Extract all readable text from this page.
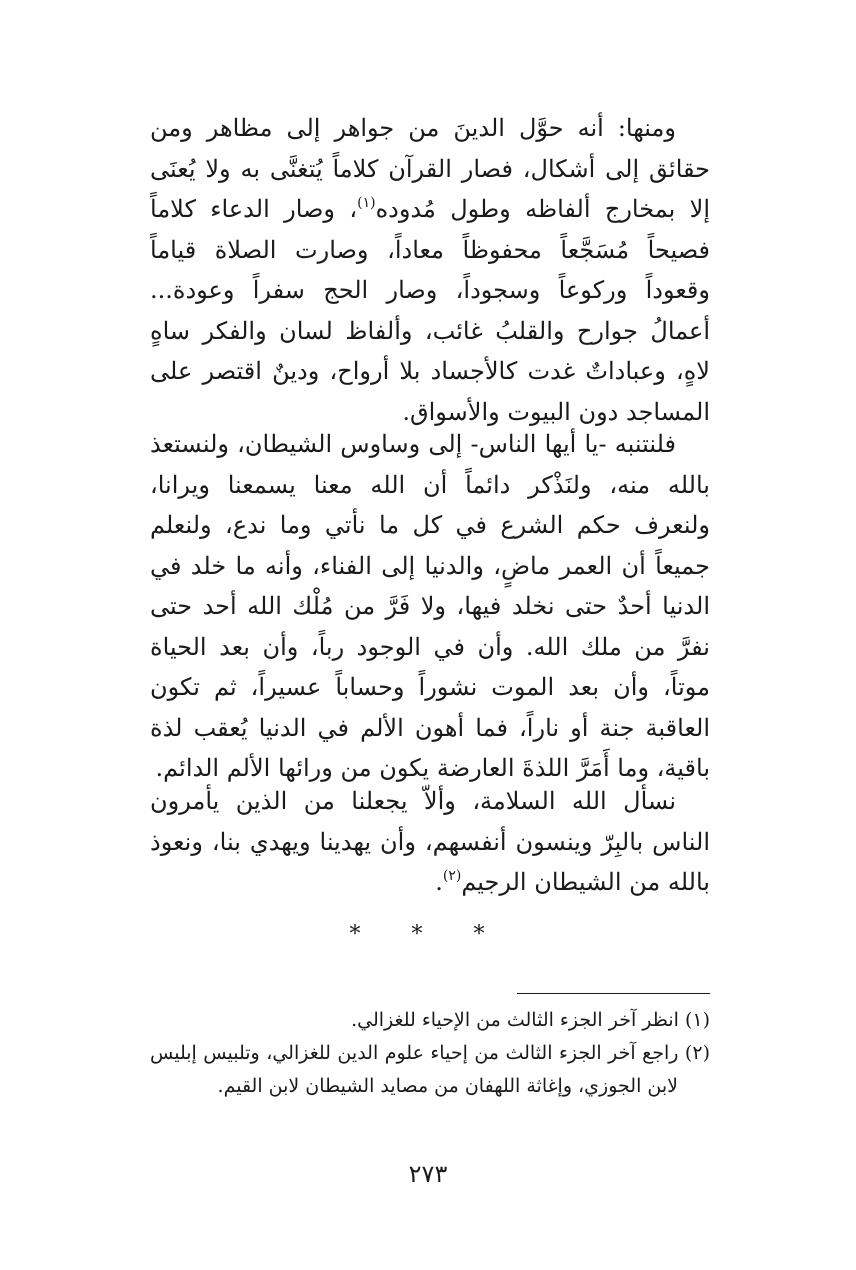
ومنها: أنه حوَّل الدينَ من جواهر إلى مظاهر ومن حقائق إلى أشكال، فصار القرآن كلاماً يُتغنَّى به ولا يُعنَى إلا بمخارج ألفاظه وطول مُدوده$^{(١)}$، وصار الدعاء كلاماً فصيحاً مُسَجَّعاً محفوظاً معاداً، وصارت الصلاة قياماً وقعوداً وركوعاً وسجوداً، وصار الحج سفراً وعودة... أعمالُ جوارح والقلبُ غائب، وألفاظ لسان والفكر ساهٍ لاهٍ، وعباداتٌ غدت كالأجساد بلا أرواح، ودينٌ اقتصر على المساجد دون البيوت والأسواق.

فلنتنبه -يا أيها الناس- إلى وساوس الشيطان، ولنستعذ بالله منه، ولنَذْكر دائماً أن الله معنا يسمعنا ويرانا، ولنعرف حكم الشرع في كل ما نأتي وما ندع، ولنعلم جميعاً أن العمر ماضٍ، والدنيا إلى الفناء، وأنه ما خلد في الدنيا أحدٌ حتى نخلد فيها، ولا فَرَّ من مُلْك الله أحد حتى نفرَّ من ملك الله. وأن في الوجود رباً، وأن بعد الحياة موتاً، وأن بعد الموت نشوراً وحساباً عسيراً، ثم تكون العاقبة جنة أو ناراً، فما أهون الألم في الدنيا يُعقب لذة باقية، وما أَمَرَّ اللذةَ العارضة يكون من ورائها الألم الدائم.

نسأل الله السلامة، وألاّ يجعلنا من الذين يأمرون الناس بالبِرّ وينسون أنفسهم، وأن يهدينا ويهدي بنا، ونعوذ بالله من الشيطان الرجيم$^{(٢)}$.

* * *

(١) انظر آخر الجزء الثالث من الإحياء للغزالي.

(٢) راجع آخر الجزء الثالث من إحياء علوم الدين للغزالي، وتلبيس إبليس لابن الجوزي، وإغاثة اللهفان من مصايد الشيطان لابن القيم.

٢٧٣
